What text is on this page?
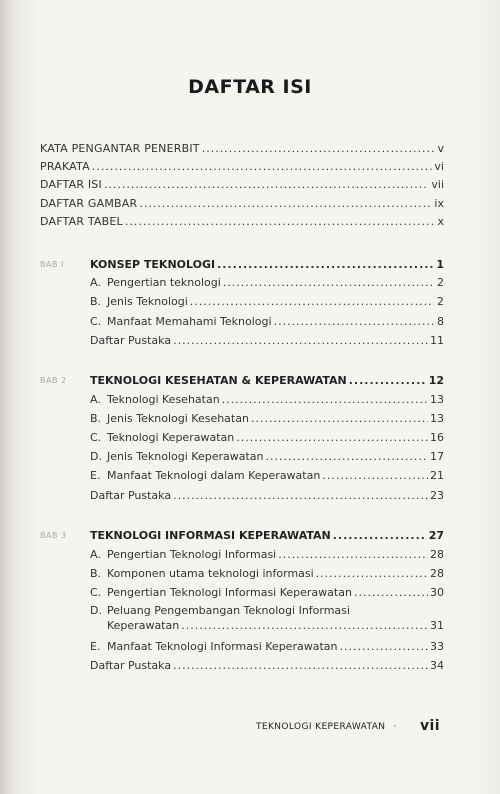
DAFTAR ISI
KATA PENGANTAR PENERBIT .....	v
PRAKATA .....	vi
DAFTAR ISI .....	vii
DAFTAR GAMBAR .....	ix
DAFTAR TABEL .....	x
BAB I KONSEP TEKNOLOGI .....	1
A. Pengertian teknologi .....	2
B. Jenis Teknologi .....	2
C. Manfaat Memahami Teknologi .....	8
Daftar Pustaka .....	11
BAB 2 TEKNOLOGI KESEHATAN & KEPERAWATAN .....	12
A. Teknologi Kesehatan .....	13
B. Jenis Teknologi Kesehatan .....	13
C. Teknologi Keperawatan .....	16
D. Jenis Teknologi Keperawatan .....	17
E. Manfaat Teknologi dalam Keperawatan .....	21
Daftar Pustaka .....	23
BAB 3 TEKNOLOGI INFORMASI KEPERAWATAN .....	27
A. Pengertian Teknologi Informasi .....	28
B. Komponen utama teknologi informasi .....	28
C. Pengertian Teknologi Informasi Keperawatan .....	30
D. Peluang Pengembangan Teknologi Informasi
Keperawatan .....	31
E. Manfaat Teknologi Informasi Keperawatan .....	33
Daftar Pustaka .....	34
TEKNOLOGI KEPERAWATAN · vii
